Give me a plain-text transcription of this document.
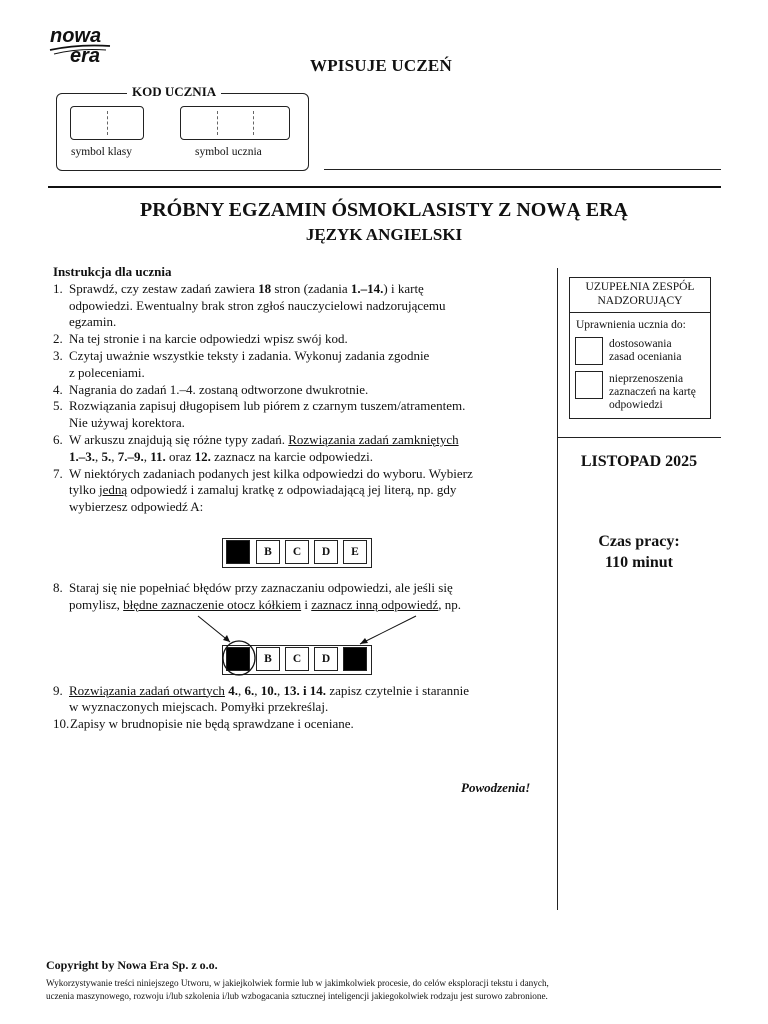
nowa
era	WPISUJE UCZEŃ
KOD UCZNIA
symbol klasy	symbol ucznia
PRÓBNY EGZAMIN ÓSMOKLASISTY Z NOWĄ ERĄ
JĘZYK ANGIELSKI
UZUPEŁNIA ZESPÓŁ
NADZORUJĄCY
Uprawnienia ucznia do:
dostosowania
zasad oceniania
nieprzenoszenia
zaznaczeń na kartę
odpowiedzi
LISTOPAD 2025
Czas pracy:
110 minut
Instrukcja dla ucznia
1. Sprawdź, czy zestaw zadań zawiera 18 stron (zadania 1.–14.) i kartę
odpowiedzi. Ewentualny brak stron zgłoś nauczycielowi nadzorującemu
egzamin.
2. Na tej stronie i na karcie odpowiedzi wpisz swój kod.
3. Czytaj uważnie wszystkie teksty i zadania. Wykonuj zadania zgodnie
z poleceniami.
4. Nagrania do zadań 1.–4. zostaną odtworzone dwukrotnie.
5. Rozwiązania zapisuj długopisem lub piórem z czarnym tuszem/atramentem.
Nie używaj korektora.
6. W arkuszu znajdują się różne typy zadań. Rozwiązania zadań zamkniętych
1.–3., 5., 7.–9., 11. oraz 12. zaznacz na karcie odpowiedzi.
7. W niektórych zadaniach podanych jest kilka odpowiedzi do wyboru. Wybierz
tylko jedną odpowiedź i zamaluj kratkę z odpowiadającą jej literą, np. gdy
wybierzesz odpowiedź A:
8. Staraj się nie popełniać błędów przy zaznaczaniu odpowiedzi, ale jeśli się
pomylisz, błędne zaznaczenie otocz kółkiem i zaznacz inną odpowiedź, np.
9. Rozwiązania zadań otwartych 4., 6., 10., 13. i 14. zapisz czytelnie i starannie
w wyznaczonych miejscach. Pomyłki przekreślaj.
10. Zapisy w brudnopisie nie będą sprawdzane i oceniane.
B	C	D	E
B	C	D
Powodzenia!
Copyright by Nowa Era Sp. z o.o.
Wykorzystywanie treści niniejszego Utworu, w jakiejkolwiek formie lub w jakimkolwiek procesie, do celów eksploracji tekstu i danych,
uczenia maszynowego, rozwoju i/lub szkolenia i/lub wzbogacania sztucznej inteligencji jakiegokolwiek rodzaju jest surowo zabronione.
